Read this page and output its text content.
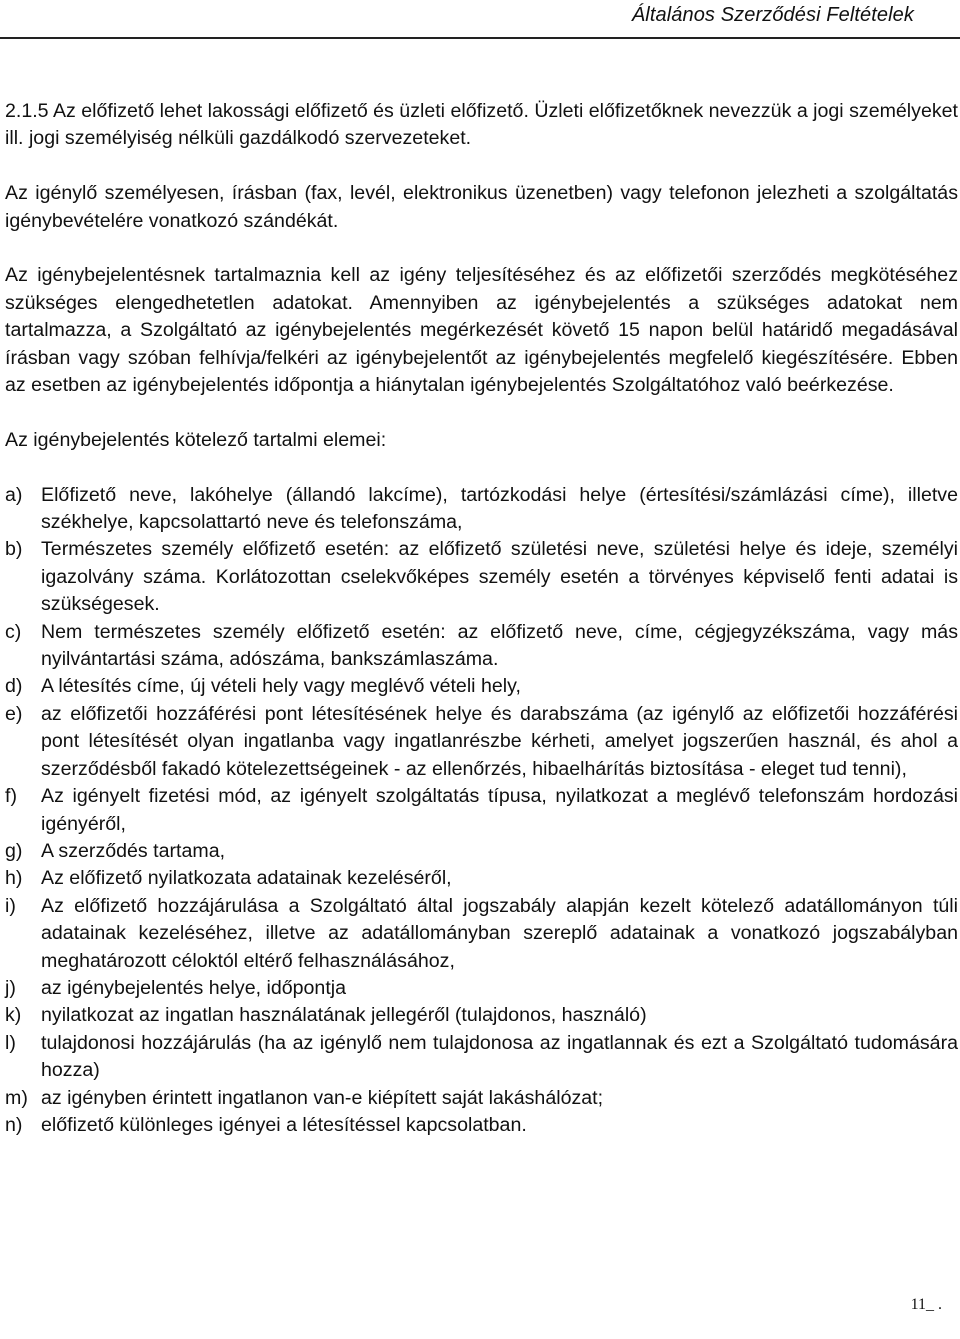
Általános Szerződési Feltételek

2.1.5 Az előfizető lehet lakossági előfizető és üzleti előfizető. Üzleti előfizetőknek nevezzük a jogi személyeket ill. jogi személyiség nélküli gazdálkodó szervezeteket.

Az igénylő személyesen, írásban (fax, levél, elektronikus üzenetben) vagy telefonon jelezheti a szolgáltatás igénybevételére vonatkozó szándékát.

Az igénybejelentésnek tartalmaznia kell az igény teljesítéséhez és az előfizetői szerződés megkötéséhez szükséges elengedhetetlen adatokat. Amennyiben az igénybejelentés a szükséges adatokat nem tartalmazza, a Szolgáltató az igénybejelentés megérkezését követő 15 napon belül határidő megadásával írásban vagy szóban felhívja/felkéri az igénybejelentőt az igénybejelentés megfelelő kiegészítésére. Ebben az esetben az igénybejelentés időpontja a hiánytalan igénybejelentés Szolgáltatóhoz való beérkezése.

Az igénybejelentés kötelező tartalmi elemei:

a) Előfizető neve, lakóhelye (állandó lakcíme), tartózkodási helye (értesítési/számlázási címe), illetve székhelye, kapcsolattartó neve és telefonszáma,
b) Természetes személy előfizető esetén: az előfizető születési neve, születési helye és ideje, személyi igazolvány száma. Korlátozottan cselekvőképes személy esetén a törvényes képviselő fenti adatai is szükségesek.
c)	Nem természetes személy előfizető esetén: az előfizető neve, címe, cégjegyzékszáma, vagy más nyilvántartási száma, adószáma, bankszámlaszáma.
d) A létesítés címe, új vételi hely vagy meglévő vételi hely,
e) az előfizetői hozzáférési pont létesítésének helye és darabszáma (az igénylő az előfizetői hozzáférési pont létesítését olyan ingatlanba vagy ingatlanrészbe kérheti, amelyet jogszerűen használ, és ahol a szerződésből fakadó kötelezettségeinek - az ellenőrzés, hibaelhárítás biztosítása - eleget tud tenni),
f)	Az igényelt fizetési mód, az igényelt szolgáltatás típusa, nyilatkozat a meglévő telefonszám hordozási igényéről,
g) A szerződés tartama,
h) Az előfizető nyilatkozata adatainak kezeléséről,
i)	Az előfizető hozzájárulása a Szolgáltató által jogszabály alapján kezelt kötelező adatállományon túli adatainak kezeléséhez, illetve az adatállományban szereplő adatainak a vonatkozó jogszabályban meghatározott céloktól eltérő felhasználásához,
j)	az igénybejelentés helye, időpontja
k)	nyilatkozat az ingatlan használatának jellegéről (tulajdonos, használó)
l)	tulajdonosi hozzájárulás (ha az igénylő nem tulajdonosa az ingatlannak és ezt a Szolgáltató tudomására hozza)
m) az igényben érintett ingatlanon van-e kiépített saját lakáshálózat;
n) előfizető különleges igényei a létesítéssel kapcsolatban.
11_ .
